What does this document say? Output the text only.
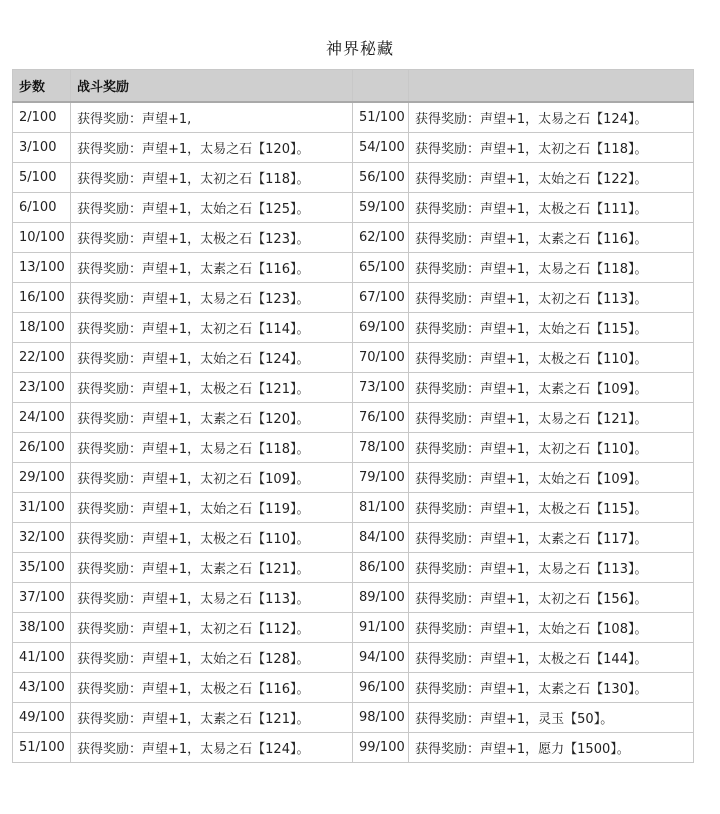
神界秘藏
步数	战斗奖励		
2/100	获得奖励：声望+1,	51/100	获得奖励：声望+1，太易之石【124】。
3/100	获得奖励：声望+1，太易之石【120】。	54/100	获得奖励：声望+1，太初之石【118】。
5/100	获得奖励：声望+1，太初之石【118】。	56/100	获得奖励：声望+1，太始之石【122】。
6/100	获得奖励：声望+1，太始之石【125】。	59/100	获得奖励：声望+1，太极之石【111】。
10/100	获得奖励：声望+1，太极之石【123】。	62/100	获得奖励：声望+1，太素之石【116】。
13/100	获得奖励：声望+1，太素之石【116】。	65/100	获得奖励：声望+1，太易之石【118】。
16/100	获得奖励：声望+1，太易之石【123】。	67/100	获得奖励：声望+1，太初之石【113】。
18/100	获得奖励：声望+1，太初之石【114】。	69/100	获得奖励：声望+1，太始之石【115】。
22/100	获得奖励：声望+1，太始之石【124】。	70/100	获得奖励：声望+1，太极之石【110】。
23/100	获得奖励：声望+1，太极之石【121】。	73/100	获得奖励：声望+1，太素之石【109】。
24/100	获得奖励：声望+1，太素之石【120】。	76/100	获得奖励：声望+1，太易之石【121】。
26/100	获得奖励：声望+1，太易之石【118】。	78/100	获得奖励：声望+1，太初之石【110】。
29/100	获得奖励：声望+1，太初之石【109】。	79/100	获得奖励：声望+1，太始之石【109】。
31/100	获得奖励：声望+1，太始之石【119】。	81/100	获得奖励：声望+1，太极之石【115】。
32/100	获得奖励：声望+1，太极之石【110】。	84/100	获得奖励：声望+1，太素之石【117】。
35/100	获得奖励：声望+1，太素之石【121】。	86/100	获得奖励：声望+1，太易之石【113】。
37/100	获得奖励：声望+1，太易之石【113】。	89/100	获得奖励：声望+1，太初之石【156】。
38/100	获得奖励：声望+1，太初之石【112】。	91/100	获得奖励：声望+1，太始之石【108】。
41/100	获得奖励：声望+1，太始之石【128】。	94/100	获得奖励：声望+1，太极之石【144】。
43/100	获得奖励：声望+1，太极之石【116】。	96/100	获得奖励：声望+1，太素之石【130】。
49/100	获得奖励：声望+1，太素之石【121】。	98/100	获得奖励：声望+1，灵玉【50】。
51/100	获得奖励：声望+1，太易之石【124】。	99/100	获得奖励：声望+1，愿力【1500】。
